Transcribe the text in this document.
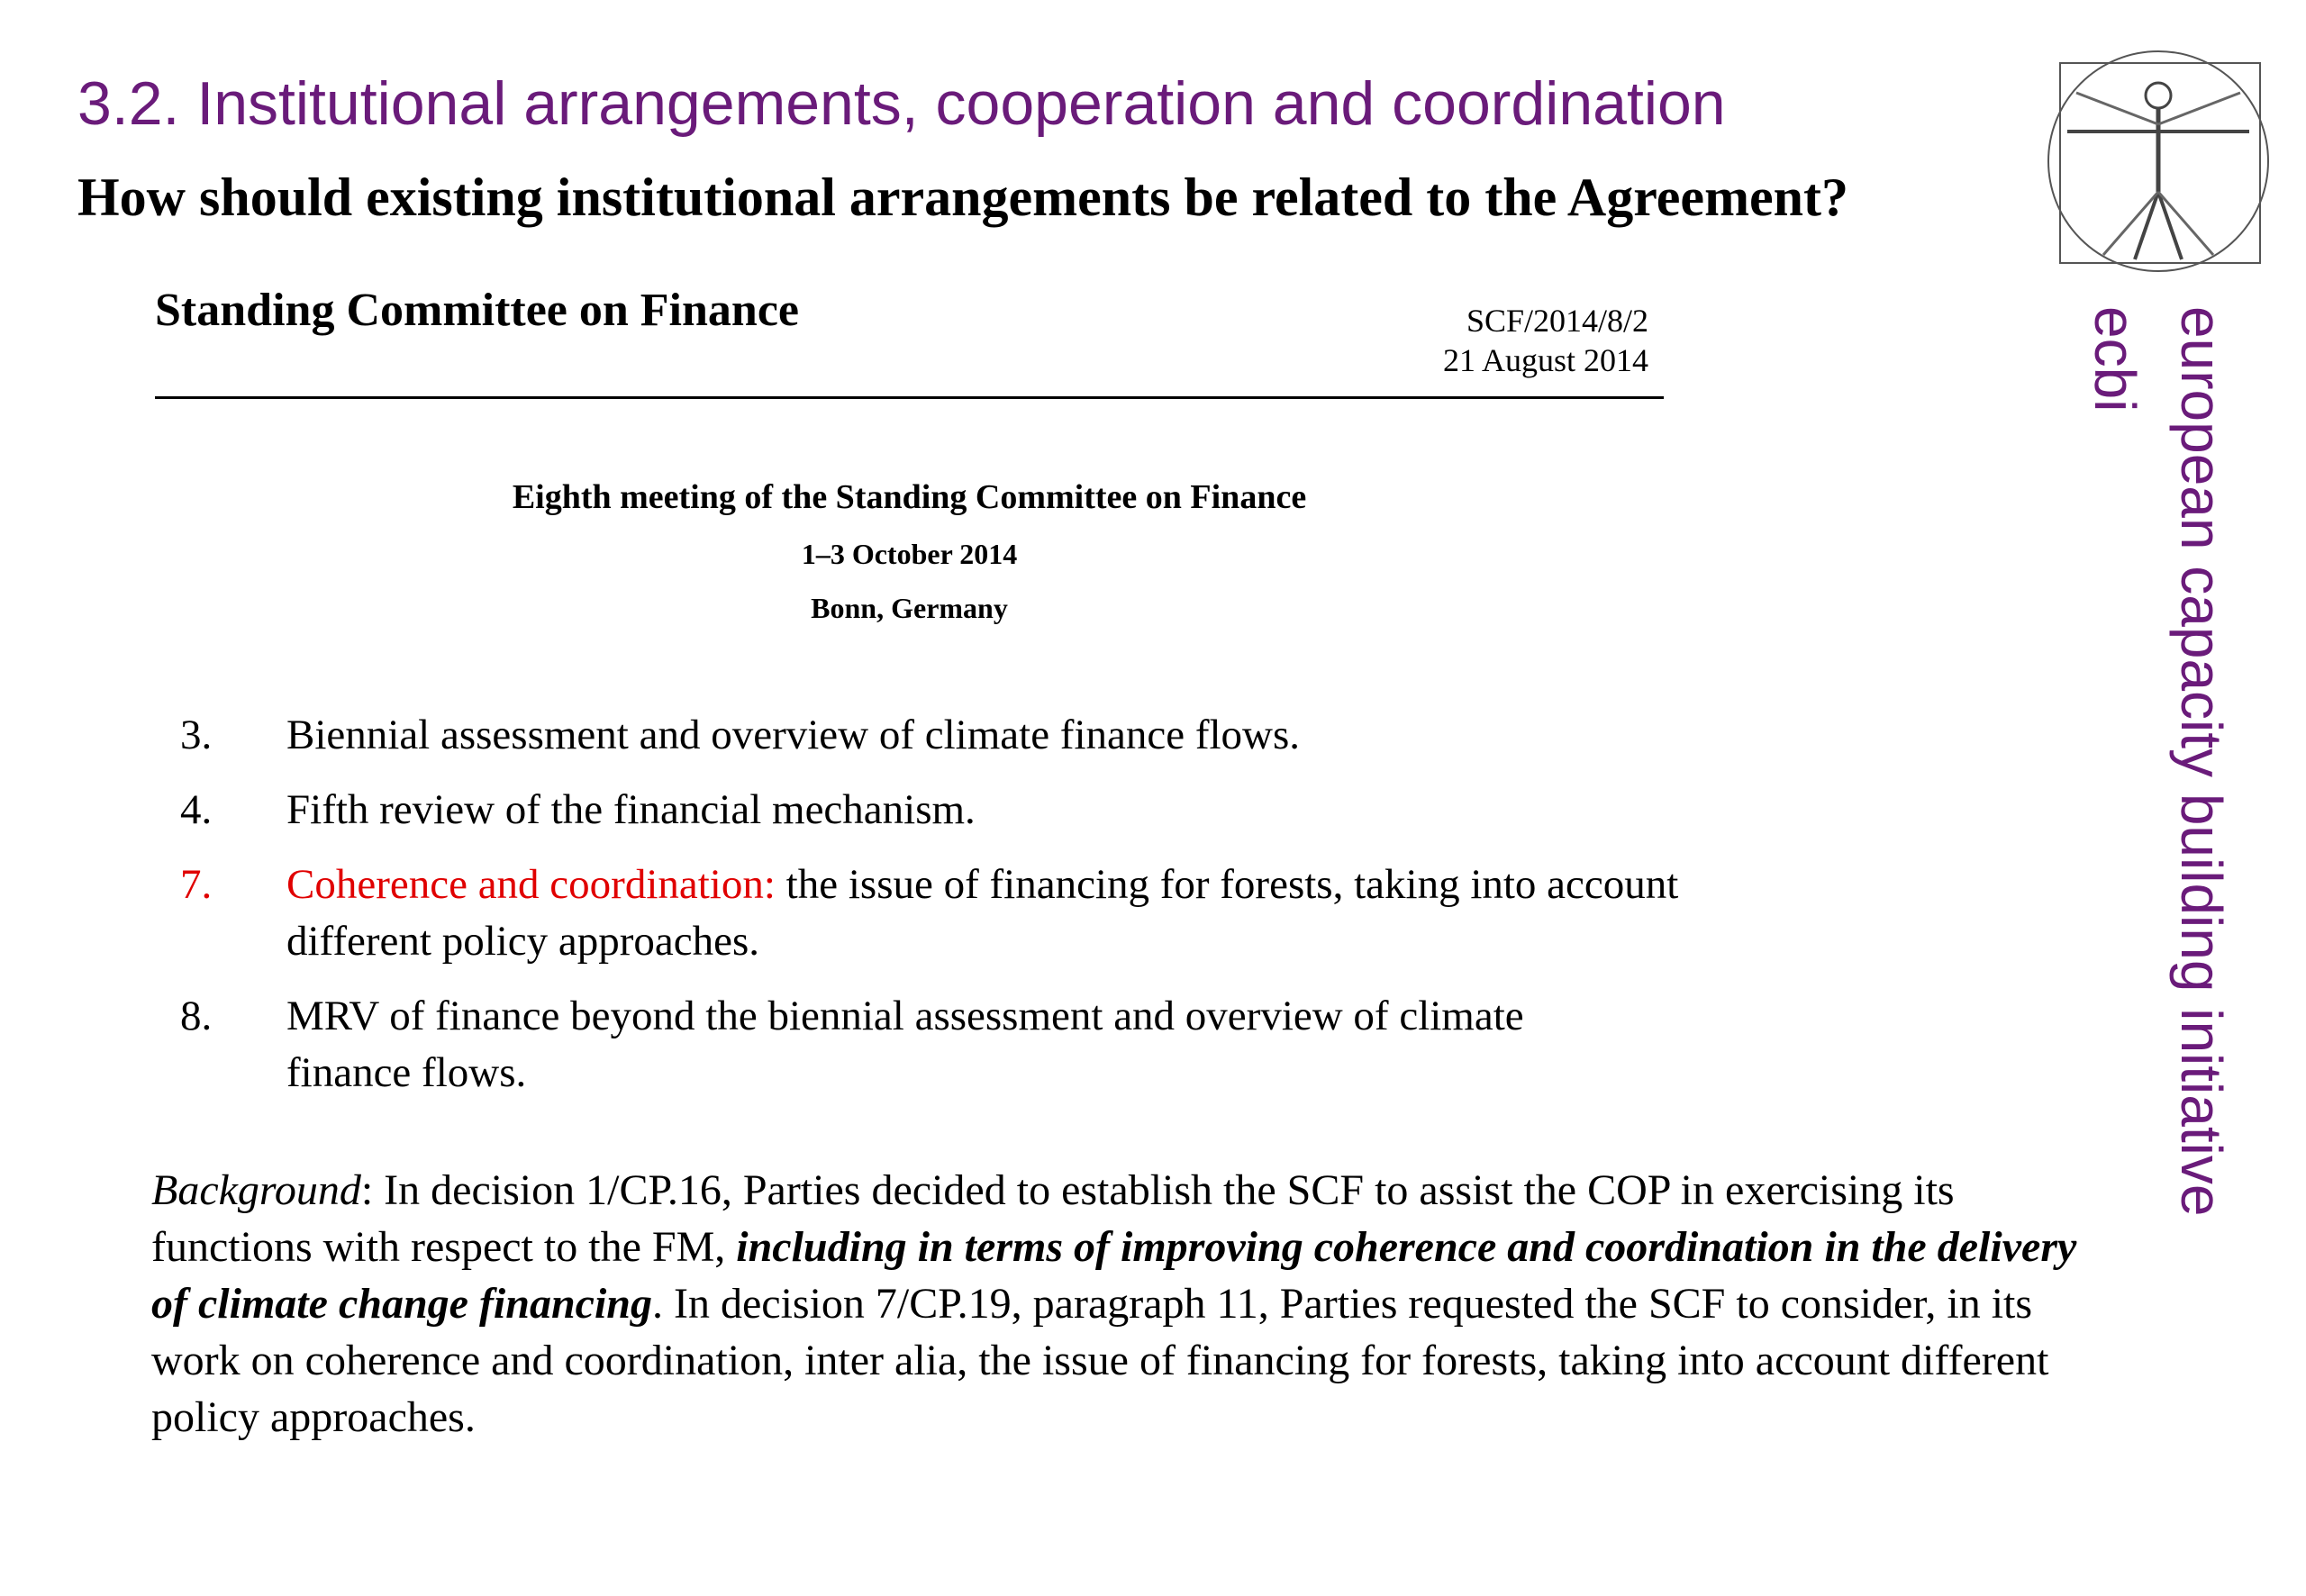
3.2. Institutional arrangements, cooperation and coordination
How should existing institutional arrangements be related to the Agreement?
european capacity building initiative
ecbi
Standing Committee on Finance	SCF/2014/8/2
21 August 2014
Eighth meeting of the Standing Committee on Finance
1–3 October 2014
Bonn, Germany
3. Biennial assessment and overview of climate finance flows.
4. Fifth review of the financial mechanism.
7. Coherence and coordination: the issue of financing for forests, taking into account different policy approaches.
8. MRV of finance beyond the biennial assessment and overview of climate finance flows.
Background: In decision 1/CP.16, Parties decided to establish the SCF to assist the COP in exercising its functions with respect to the FM, including in terms of improving coherence and coordination in the delivery of climate change financing. In decision 7/CP.19, paragraph 11, Parties requested the SCF to consider, in its work on coherence and coordination, inter alia, the issue of financing for forests, taking into account different policy approaches.
